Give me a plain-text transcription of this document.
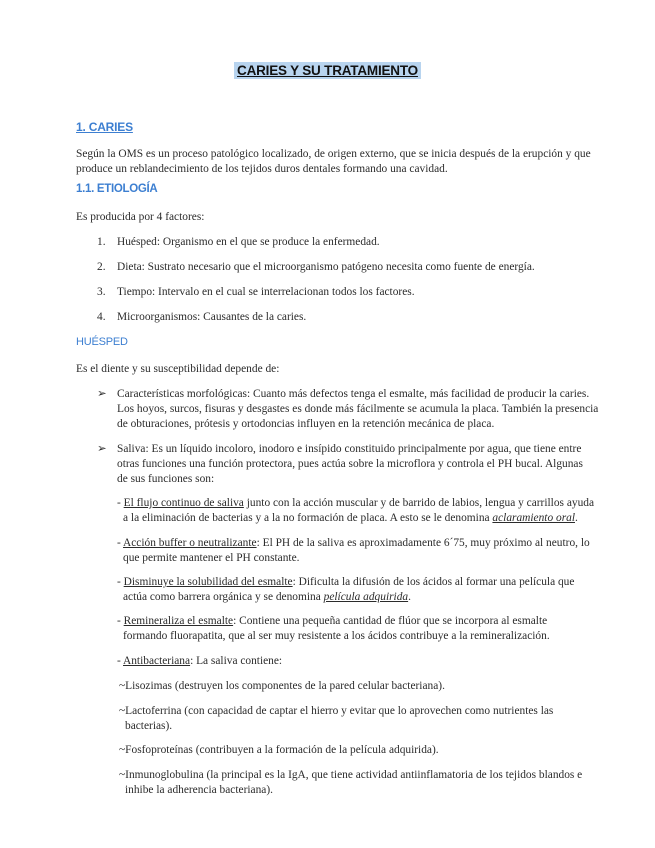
CARIES Y SU TRATAMIENTO
1. CARIES
Según la OMS es un proceso patológico localizado, de origen externo, que se inicia después de la erupción y que
produce un reblandecimiento de los tejidos duros dentales formando una cavidad.
1.1. ETIOLOGÍA
Es producida por 4 factores:
1. Huésped: Organismo en el que se produce la enfermedad.
2. Dieta: Sustrato necesario que el microorganismo patógeno necesita como fuente de energía.
3. Tiempo: Intervalo en el cual se interrelacionan todos los factores.
4. Microorganismos: Causantes de la caries.
HUÉSPED
Es el diente y su susceptibilidad depende de:
➢ Características morfológicas: Cuanto más defectos tenga el esmalte, más facilidad de producir la caries.
Los hoyos, surcos, fisuras y desgastes es donde más fácilmente se acumula la placa. También la presencia
de obturaciones, prótesis y ortodoncias influyen en la retención mecánica de placa.
➢ Saliva: Es un líquido incoloro, inodoro e insípido constituido principalmente por agua, que tiene entre
otras funciones una función protectora, pues actúa sobre la microflora y controla el PH bucal. Algunas
de sus funciones son:
- El flujo continuo de saliva junto con la acción muscular y de barrido de labios, lengua y carrillos ayuda
a la eliminación de bacterias y a la no formación de placa. A esto se le denomina aclaramiento oral.
- Acción buffer o neutralizante: El PH de la saliva es aproximadamente 6´75, muy próximo al neutro, lo
que permite mantener el PH constante.
- Disminuye la solubilidad del esmalte: Dificulta la difusión de los ácidos al formar una película que
actúa como barrera orgánica y se denomina película adquirida.
- Remineraliza el esmalte: Contiene una pequeña cantidad de flúor que se incorpora al esmalte
formando fluorapatita, que al ser muy resistente a los ácidos contribuye a la remineralización.
- Antibacteriana: La saliva contiene:
~Lisozimas (destruyen los componentes de la pared celular bacteriana).
~Lactoferrina (con capacidad de captar el hierro y evitar que lo aprovechen como nutrientes las
bacterias).
~Fosfoproteínas (contribuyen a la formación de la película adquirida).
~Inmunoglobulina (la principal es la IgA, que tiene actividad antiinflamatoria de los tejidos blandos e
inhibe la adherencia bacteriana).
